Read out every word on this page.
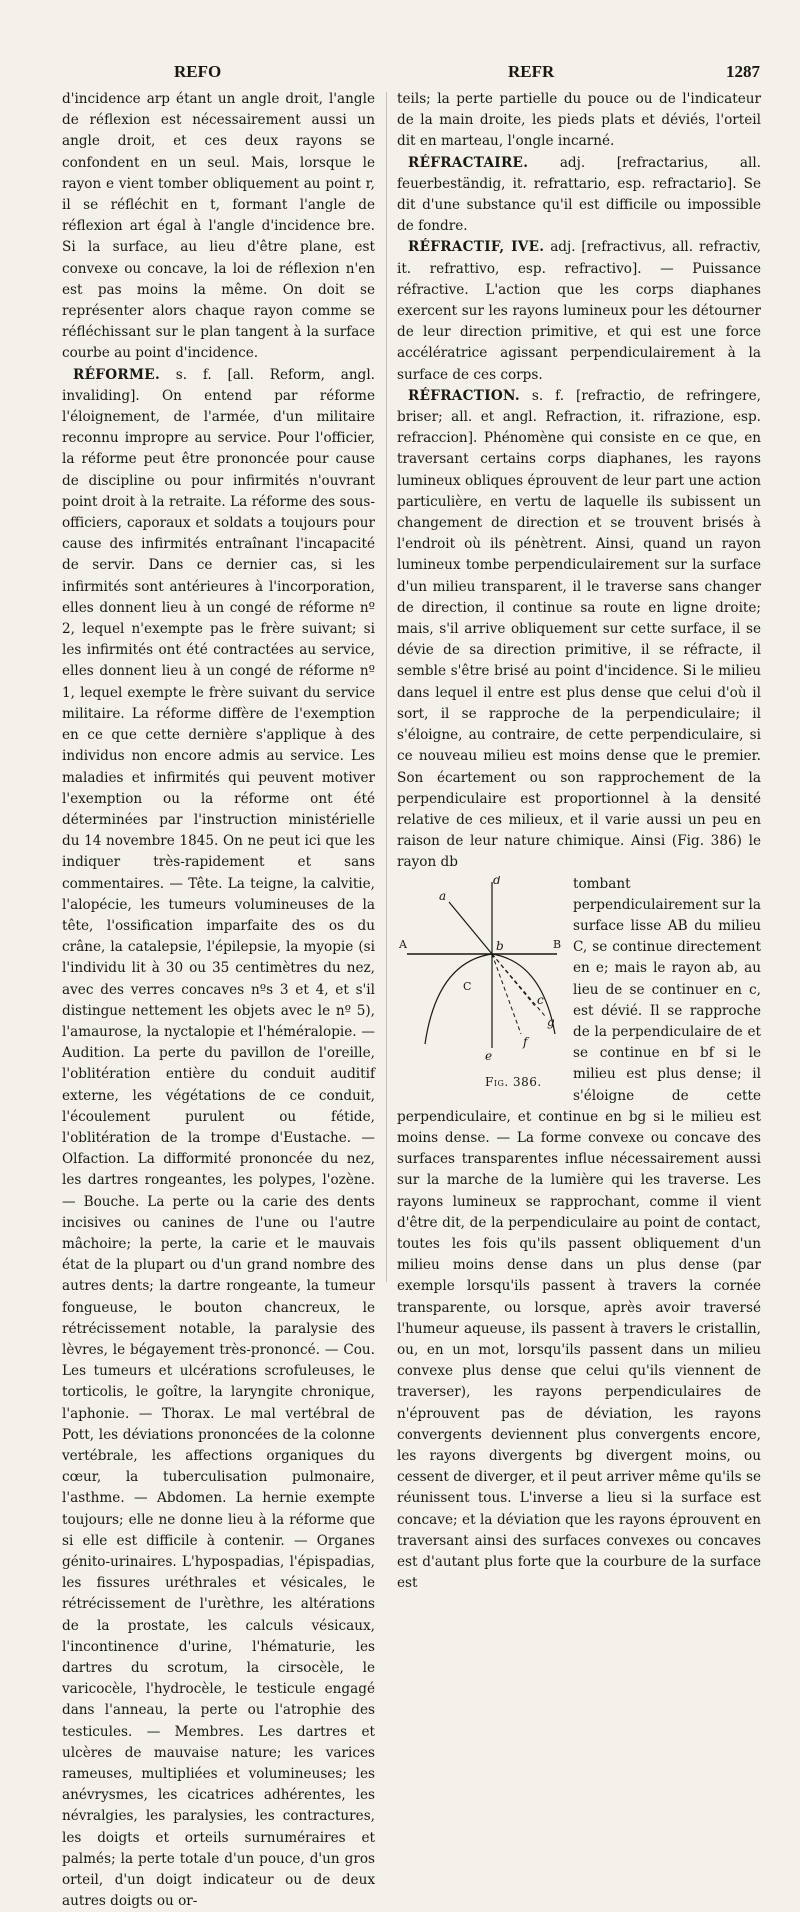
REFO	REFR	1287

d'incidence arp étant un angle droit, l'angle de réflexion est nécessairement aussi un angle droit, et ces deux rayons se confondent en un seul. Mais, lorsque le rayon e vient tomber obliquement au point r, il se réfléchit en t, formant l'angle de réflexion art égal à l'angle d'incidence bre. Si la surface, au lieu d'être plane, est convexe ou concave, la loi de réflexion n'en est pas moins la même. On doit se représenter alors chaque rayon comme se réfléchissant sur le plan tangent à la surface courbe au point d'incidence.

RÉFORME. s. f. [all. Reform, angl. invaliding]. On entend par réforme l'éloignement, de l'armée, d'un militaire reconnu impropre au service. Pour l'officier, la réforme peut être prononcée pour cause de discipline ou pour infirmités n'ouvrant point droit à la retraite. La réforme des sous-officiers, caporaux et soldats a toujours pour cause des infirmités entraînant l'incapacité de servir. Dans ce dernier cas, si les infirmités sont antérieures à l'incorporation, elles donnent lieu à un congé de réforme nº 2, lequel n'exempte pas le frère suivant; si les infirmités ont été contractées au service, elles donnent lieu à un congé de réforme nº 1, lequel exempte le frère suivant du service militaire. La réforme diffère de l'exemption en ce que cette dernière s'applique à des individus non encore admis au service. Les maladies et infirmités qui peuvent motiver l'exemption ou la réforme ont été déterminées par l'instruction ministérielle du 14 novembre 1845. On ne peut ici que les indiquer très-rapidement et sans commentaires. — Tête. La teigne, la calvitie, l'alopécie, les tumeurs volumineuses de la tête, l'ossification imparfaite des os du crâne, la catalepsie, l'épilepsie, la myopie (si l'individu lit à 30 ou 35 centimètres du nez, avec des verres concaves nºs 3 et 4, et s'il distingue nettement les objets avec le nº 5), l'amaurose, la nyctalopie et l'héméralopie. — Audition. La perte du pavillon de l'oreille, l'oblitération entière du conduit auditif externe, les végétations de ce conduit, l'écoulement purulent ou fétide, l'oblitération de la trompe d'Eustache. — Olfaction. La difformité prononcée du nez, les dartres rongeantes, les polypes, l'ozène. — Bouche. La perte ou la carie des dents incisives ou canines de l'une ou l'autre mâchoire; la perte, la carie et le mauvais état de la plupart ou d'un grand nombre des autres dents; la dartre rongeante, la tumeur fongueuse, le bouton chancreux, le rétrécissement notable, la paralysie des lèvres, le bégayement très-prononcé. — Cou. Les tumeurs et ulcérations scrofuleuses, le torticolis, le goître, la laryngite chronique, l'aphonie. — Thorax. Le mal vertébral de Pott, les déviations prononcées de la colonne vertébrale, les affections organiques du cœur, la tuberculisation pulmonaire, l'asthme. — Abdomen. La hernie exempte toujours; elle ne donne lieu à la réforme que si elle est difficile à contenir. — Organes génito-urinaires. L'hypospadias, l'épispadias, les fissures uréthrales et vésicales, le rétrécissement de l'urèthre, les altérations de la prostate, les calculs vésicaux, l'incontinence d'urine, l'hématurie, les dartres du scrotum, la cirsocèle, le varicocèle, l'hydrocèle, le testicule engagé dans l'anneau, la perte ou l'atrophie des testicules. — Membres. Les dartres et ulcères de mauvaise nature; les varices rameuses, multipliées et volumineuses; les anévrysmes, les cicatrices adhérentes, les névralgies, les paralysies, les contractures, les doigts et orteils surnuméraires et palmés; la perte totale d'un pouce, d'un gros orteil, d'un doigt indicateur ou de deux autres doigts ou or-

teils; la perte partielle du pouce ou de l'indicateur de la main droite, les pieds plats et déviés, l'orteil dit en marteau, l'ongle incarné.

RÉFRACTAIRE. adj. [refractarius, all. feuerbeständig, it. refrattario, esp. refractario]. Se dit d'une substance qu'il est difficile ou impossible de fondre.

RÉFRACTIF, IVE. adj. [refractivus, all. refractiv, it. refrattivo, esp. refractivo]. — Puissance réfractive. L'action que les corps diaphanes exercent sur les rayons lumineux pour les détourner de leur direction primitive, et qui est une force accélératrice agissant perpendiculairement à la surface de ces corps.

RÉFRACTION. s. f. [refractio, de refringere, briser; all. et angl. Refraction, it. rifrazione, esp. refraccion]. Phénomène qui consiste en ce que, en traversant certains corps diaphanes, les rayons lumineux obliques éprouvent de leur part une action particulière, en vertu de laquelle ils subissent un changement de direction et se trouvent brisés à l'endroit où ils pénètrent. Ainsi, quand un rayon lumineux tombe perpendiculairement sur la surface d'un milieu transparent, il le traverse sans changer de direction, il continue sa route en ligne droite; mais, s'il arrive obliquement sur cette surface, il se dévie de sa direction primitive, il se réfracte, il semble s'être brisé au point d'incidence. Si le milieu dans lequel il entre est plus dense que celui d'où il sort, il se rapproche de la perpendiculaire; il s'éloigne, au contraire, de cette perpendiculaire, si ce nouveau milieu est moins dense que le premier. Son écartement ou son rapprochement de la perpendiculaire est proportionnel à la densité relative de ces milieux, et il varie aussi un peu en raison de leur nature chimique. Ainsi (Fig. 386) le rayon db

d
a
A	b	B
C
c
g
f
e
Fig. 386.

tombant perpendiculairement sur la surface lisse AB du milieu C, se continue directement en e; mais le rayon ab, au lieu de se continuer en c, est dévié. Il se rapproche de la perpendiculaire de et se continue en bf si le milieu est plus dense; il s'éloigne de cette perpendiculaire, et continue en bg si le milieu est moins dense. — La forme convexe ou concave des surfaces transparentes influe nécessairement aussi sur la marche de la lumière qui les traverse. Les rayons lumineux se rapprochant, comme il vient d'être dit, de la perpendiculaire au point de contact, toutes les fois qu'ils passent obliquement d'un milieu moins dense dans un plus dense (par exemple lorsqu'ils passent à travers la cornée transparente, ou lorsque, après avoir traversé l'humeur aqueuse, ils passent à travers le cristallin, ou, en un mot, lorsqu'ils passent dans un milieu convexe plus dense que celui qu'ils viennent de traverser), les rayons perpendiculaires de n'éprouvent pas de déviation, les rayons convergents deviennent plus convergents encore, les rayons divergents bg divergent moins, ou cessent de diverger, et il peut arriver même qu'ils se réunissent tous. L'inverse a lieu si la surface est concave; et la déviation que les rayons éprouvent en traversant ainsi des surfaces convexes ou concaves est d'autant plus forte que la courbure de la surface est
